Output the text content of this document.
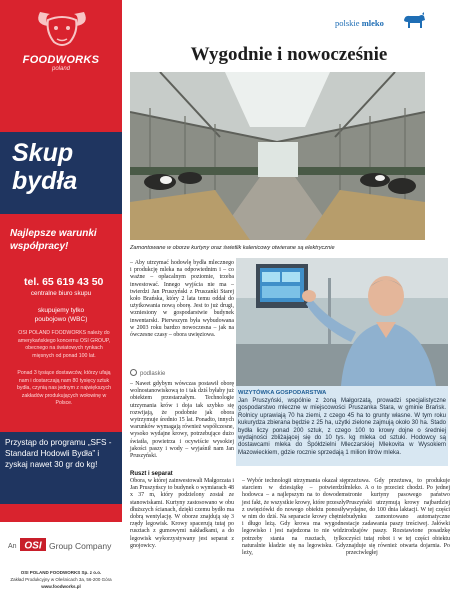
FOODWORKS
poland
Skup bydła
Najlepsze warunki współpracy!
tel. 65 619 43 50
centralne biuro skupu
skupujemy tylko
poubojowo (WBC)
OSI POLAND FOODWORKS należy do amerykańskiego koncernu OSI GROUP, obecnego na światowych rynkach mięsnych od ponad 100 lat.
Ponad 3 tysiące dostawców, którzy ufają nam i dostarczają nam 80 tysięcy sztuk bydła, czynią nas jednym z największych zakładów produkujących wołowinę w Polsce.
Przystąp do programu „SFS - Standard Hodowli Bydła” i zyskaj nawet 30 gr do kg!
An OSI Group Company
OSI POLAND FOODWORKS Sp. z o.o.
Zakład Produkcyjny w Oleśnicach 3a, 56-200 Góra
www.foodworks.pl
polskie mleko
Wygodnie i nowocześnie
Zamontowane w oborze kurtyny oraz świetlik kalenicowy otwierane są elektrycznie
– Aby utrzymać hodowlę bydła mlecznego i produkcję mleka na odpowiednim i – co ważne – opłacalnym poziomie, trzeba inwestować. Innego wyjścia nie ma – twierdzi Jan Pruszyński z Pruszanki Starej koło Brańska, który 2 lata temu oddał do użytkowania nową oborę. Jest to już drugi, wzniesiony w gospodarstwie budynek inwentarski. Pierwszym była wybudowana w 2003 roku bardzo nowoczesna – jak na ówczesne czasy – obora uwięziowa.
podlaskie
– Nawet gdybym wówczas postawił oborę wolnostanowiskową to i tak dziś byłaby już obiektem przestarzałym. Technologie utrzymania krów i doja tak szybko się rozwijają, że podobnie jak obora wytrzymuje średnio 15 lat. Ponadto, innych warunków wymagają również współczesne, wysoko wydajne krowy, potrzebujące dużo światła, powietrza i ocywiście wysokiej jakości paszy i wody – wyjaśnił nam Jan Pruszyński.
WIZYTÓWKA GOSPODARSTWA
Jan Pruszyński, wspólnie z żoną Małgorzatą, prowadzi specjalistyczne gospodarstwo mleczne w miejscowości Pruszanka Stara, w gminie Brańsk. Rolnicy uprawiają 70 ha ziemi, z czego 45 ha to grunty własne. W tym roku kukurydza zbierana będzie z 25 ha, użytki zielone zajmują około 30 ha. Stado bydła liczy ponad 200 sztuk, z czego 100 to krowy dojne o średniej wydajności zbliżającej się do 10 tys. kg mleka od sztuki. Hodowcy są dostawcami mleka do Spółdzielni Mleczarskiej Mlekovita w Wysokiem Mazowieckiem, gdzie rocznie sprzedają 1 milion litrów mleka.
Ruszt i separat
Obora, w której zainwestowali Małgorzata i Jan Pruszyńscy to budynek o wymiarach 48 x 37 m, który podzielony został ze stanowiskami. Kurtyny zastosowano w obu dłuższych ścianach, dzięki czemu bydło ma dobrą wentylację. W oborze znajdują się 3 rzędy legowisk. Krowy spacerują tutaj po rusztach z gumowymi nakładkami, a do legowisk wykorzystywany jest separat z gnojowicy.
– Wybór technologii utrzymania okazał się starciem w dziesiątkę – potwierdził hodowca – a najlepszym na to dowodem jest fakt, że wszystkie krowy, które przeszły z uwięziówki do nowego obiektu ponosiły w nim do dziś. Na separacie krowy chętnie i długo leżą. Gdy krowa ma wygodne legowisko i jest najedzona to nie widzi potrzeby stania na rusztach, tylko naturalnie kładzie się na legowisku. Gdy leży,
przeżuwa. Gdy przeżuwa, to produkuje mleko. A o to przecież chodzi. Po jednej stronie kurtyny pasowego państwo Pruszyński utrzymują krowy najbardziej wydajne, do 100 dnia laktacji. W tej części budynku zamontowano automatyczne stacje zadawania paszy treściwej. Jałówki rodzajów paszy. Rozstawione posadzkę czyści tutaj robot i w tej części obiektu znajduje się również otwarta dojarnia. Po przeciwległej
